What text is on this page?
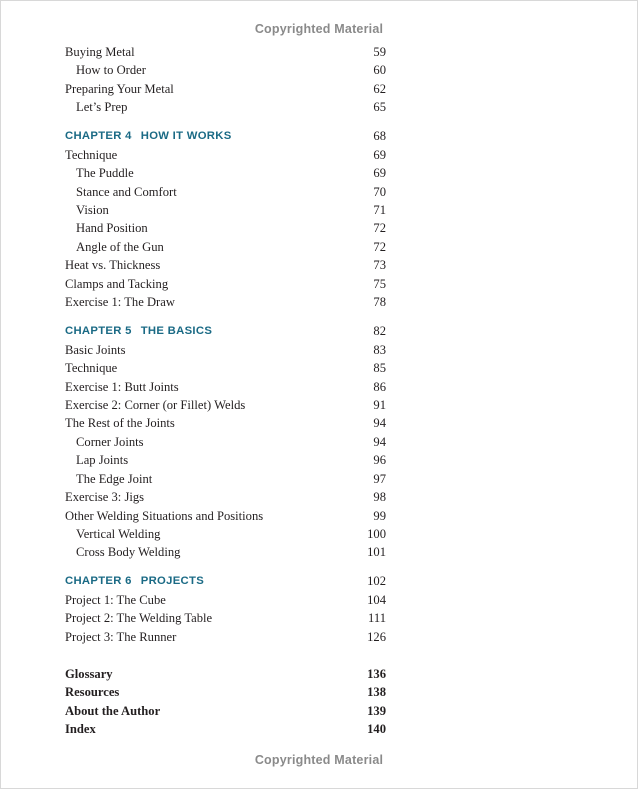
Copyrighted Material
Buying Metal	59
How to Order	60
Preparing Your Metal	62
Let’s Prep	65
CHAPTER 4 HOW IT WORKS	68
Technique	69
The Puddle	69
Stance and Comfort	70
Vision	71
Hand Position	72
Angle of the Gun	72
Heat vs. Thickness	73
Clamps and Tacking	75
Exercise 1: The Draw	78
CHAPTER 5 THE BASICS	82
Basic Joints	83
Technique	85
Exercise 1: Butt Joints	86
Exercise 2: Corner (or Fillet) Welds	91
The Rest of the Joints	94
Corner Joints	94
Lap Joints	96
The Edge Joint	97
Exercise 3: Jigs	98
Other Welding Situations and Positions	99
Vertical Welding	100
Cross Body Welding	101
CHAPTER 6 PROJECTS	102
Project 1: The Cube	104
Project 2: The Welding Table	111
Project 3: The Runner	126
Glossary	136
Resources	138
About the Author	139
Index	140
Copyrighted Material
